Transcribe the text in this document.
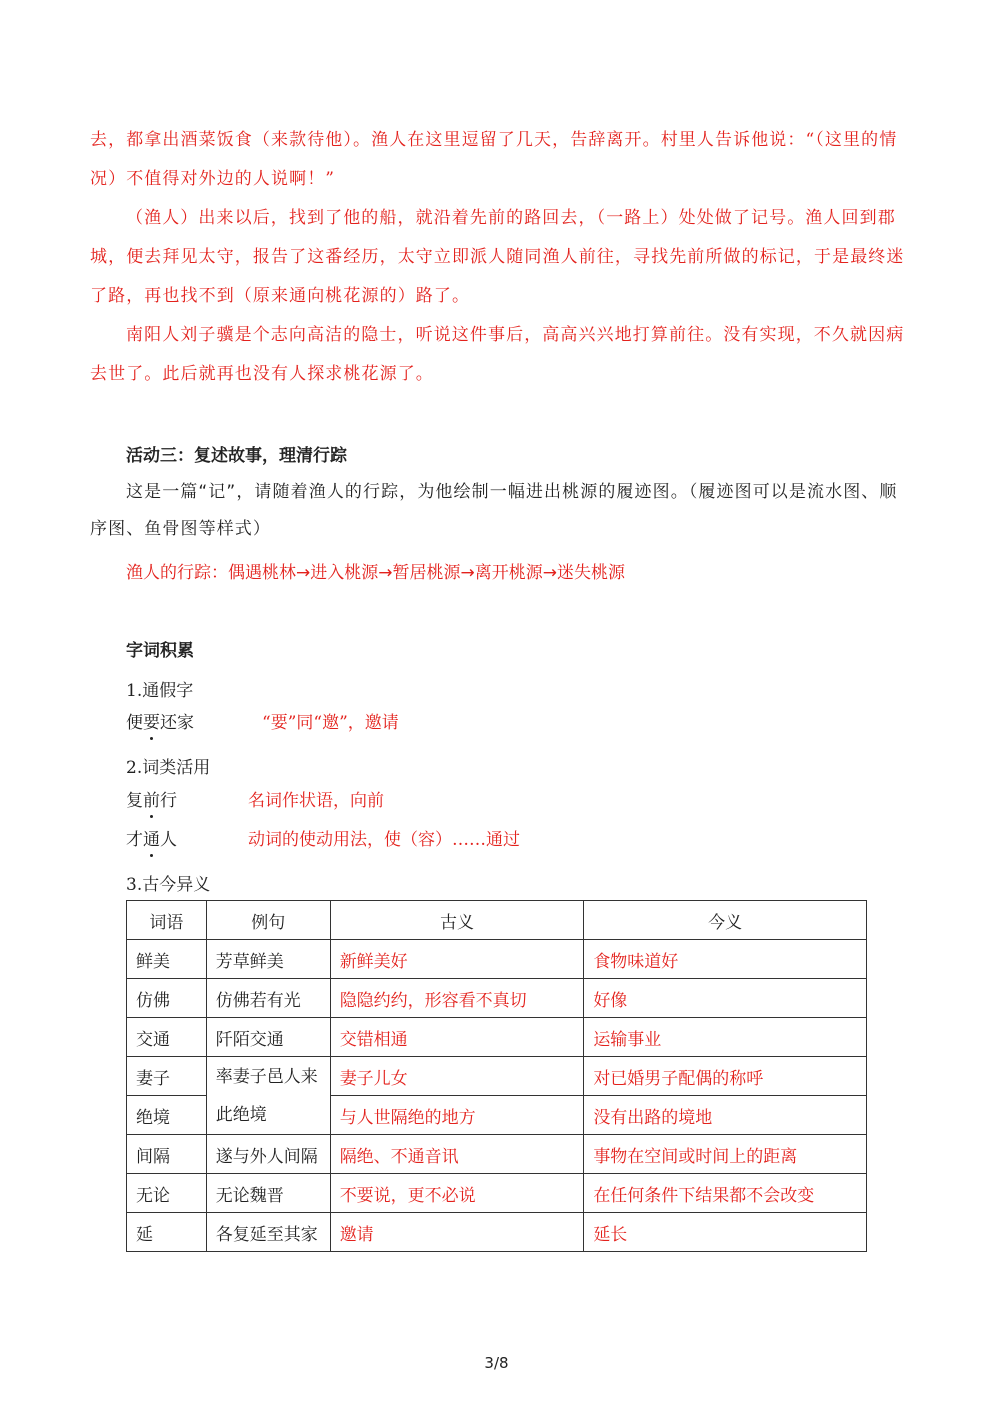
去，都拿出酒菜饭食（来款待他）。渔人在这里逗留了几天，告辞离开。村里人告诉他说：“（这里的情况）不值得对外边的人说啊！”
（渔人）出来以后，找到了他的船，就沿着先前的路回去，（一路上）处处做了记号。渔人回到郡城，便去拜见太守，报告了这番经历，太守立即派人随同渔人前往，寻找先前所做的标记，于是最终迷了路，再也找不到（原来通向桃花源的）路了。
南阳人刘子骥是个志向高洁的隐士，听说这件事后，高高兴兴地打算前往。没有实现，不久就因病去世了。此后就再也没有人探求桃花源了。
活动三：复述故事，理清行踪
这是一篇“记”，请随着渔人的行踪，为他绘制一幅进出桃源的履迹图。（履迹图可以是流水图、顺序图、鱼骨图等样式）
渔人的行踪：偶遇桃林→进入桃源→暂居桃源→离开桃源→迷失桃源
字词积累
1.通假字
便要还家	“要”同“邀”，邀请
2.词类活用
复前行	名词作状语，向前
才通人	动词的使动用法，使（容）……通过
3.古今异义
词语	例句	古义	今义
鲜美	芳草鲜美	新鲜美好	食物味道好
仿佛	仿佛若有光	隐隐约约，形容看不真切	好像
交通	阡陌交通	交错相通	运输事业
妻子	率妻子邑人来此绝境	妻子儿女	对已婚男子配偶的称呼
绝境		与人世隔绝的地方	没有出路的境地
间隔	遂与外人间隔	隔绝、不通音讯	事物在空间或时间上的距离
无论	无论魏晋	不要说，更不必说	在任何条件下结果都不会改变
延	各复延至其家	邀请	延长
3/8
